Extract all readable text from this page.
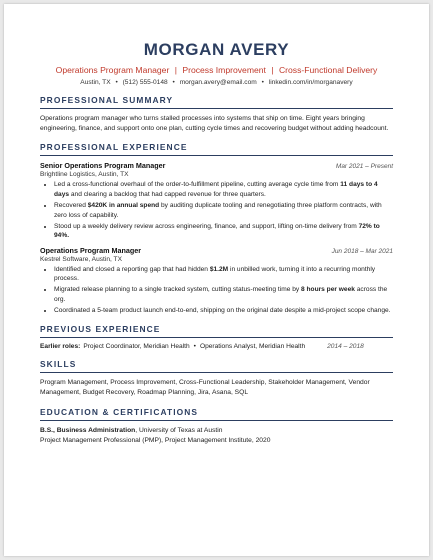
MORGAN AVERY
Operations Program Manager | Process Improvement | Cross-Functional Delivery
Austin, TX • (512) 555-0148 • morgan.avery@email.com • linkedin.com/in/morganavery
PROFESSIONAL SUMMARY
Operations program manager who turns stalled processes into systems that ship on time. Eight years bringing engineering, finance, and support onto one plan, cutting cycle times and recovering budget without adding headcount.
PROFESSIONAL EXPERIENCE
Senior Operations Program Manager	Mar 2021 – Present
Brightline Logistics, Austin, TX
• Led a cross-functional overhaul of the order-to-fulfillment pipeline, cutting average cycle time from 11 days to 4 days and clearing a backlog that had capped revenue for three quarters.
• Recovered $420K in annual spend by auditing duplicate tooling and renegotiating three platform contracts, with zero loss of capability.
• Stood up a weekly delivery review across engineering, finance, and support, lifting on-time delivery from 72% to 94%.
Operations Program Manager	Jun 2018 – Mar 2021
Kestrel Software, Austin, TX
• Identified and closed a reporting gap that had hidden $1.2M in unbilled work, turning it into a recurring monthly process.
• Migrated release planning to a single tracked system, cutting status-meeting time by 8 hours per week across the org.
• Coordinated a 5-team product launch end-to-end, shipping on the original date despite a mid-project scope change.
PREVIOUS EXPERIENCE
Earlier roles: Project Coordinator, Meridian Health • Operations Analyst, Meridian Health	2014 – 2018
SKILLS
Program Management, Process Improvement, Cross-Functional Leadership, Stakeholder Management, Vendor Management, Budget Recovery, Roadmap Planning, Jira, Asana, SQL
EDUCATION & CERTIFICATIONS
B.S., Business Administration, University of Texas at Austin
Project Management Professional (PMP), Project Management Institute, 2020
